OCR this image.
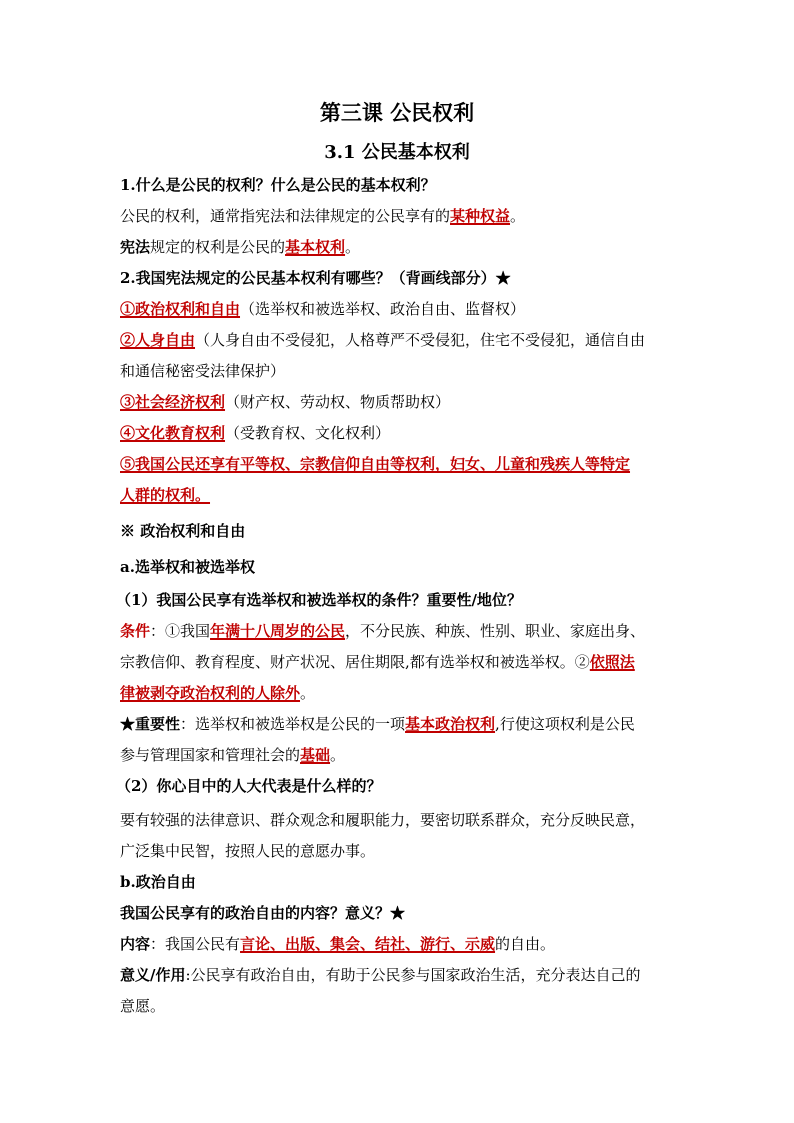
第三课 公民权利
3.1 公民基本权利
1.什么是公民的权利？什么是公民的基本权利？
公民的权利，通常指宪法和法律规定的公民享有的某种权益。
宪法规定的权利是公民的基本权利。
2.我国宪法规定的公民基本权利有哪些？（背画线部分）★
①政治权利和自由（选举权和被选举权、政治自由、监督权）
②人身自由（人身自由不受侵犯，人格尊严不受侵犯，住宅不受侵犯，通信自由
和通信秘密受法律保护）
③社会经济权利（财产权、劳动权、物质帮助权）
④文化教育权利（受教育权、文化权利）
⑤我国公民还享有平等权、宗教信仰自由等权利，妇女、儿童和残疾人等特定
人群的权利。
※ 政治权利和自由
a.选举权和被选举权
（1）我国公民享有选举权和被选举权的条件？重要性/地位？
条件：①我国年满十八周岁的公民，不分民族、种族、性别、职业、家庭出身、
宗教信仰、教育程度、财产状况、居住期限,都有选举权和被选举权。②依照法
律被剥夺政治权利的人除外。
★重要性：选举权和被选举权是公民的一项基本政治权利,行使这项权利是公民
参与管理国家和管理社会的基础。
（2）你心目中的人大代表是什么样的？
要有较强的法律意识、群众观念和履职能力，要密切联系群众，充分反映民意，
广泛集中民智，按照人民的意愿办事。
b.政治自由
我国公民享有的政治自由的内容？意义？★
内容：我国公民有言论、出版、集会、结社、游行、示威的自由。
意义/作用:公民享有政治自由，有助于公民参与国家政治生活，充分表达自己的
意愿。
